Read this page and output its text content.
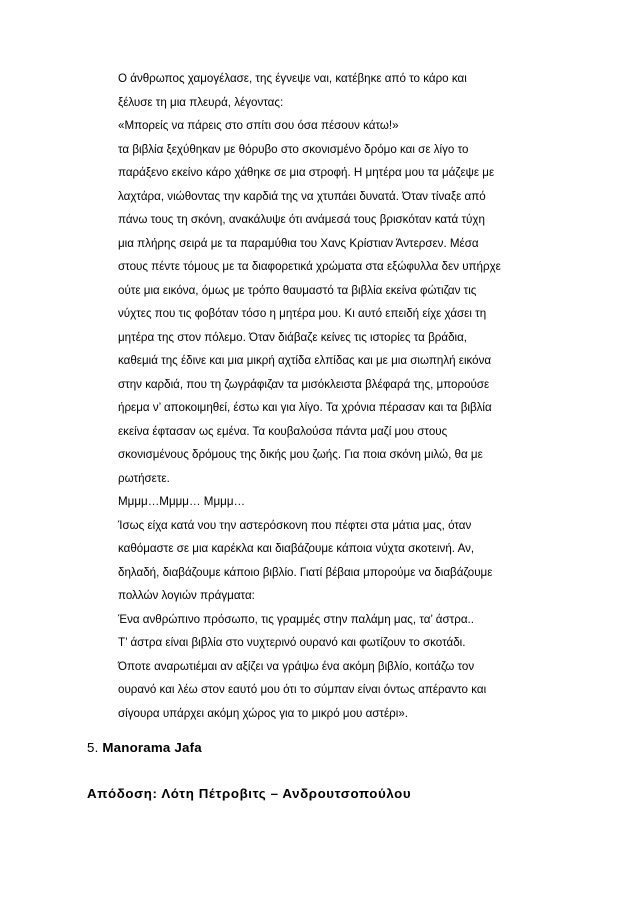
Ο άνθρωπος χαμογέλασε, της έγνεψε ναι, κατέβηκε από το κάρο και
ξέλυσε τη μια πλευρά, λέγοντας:
«Μπορείς να πάρεις στο σπίτι σου όσα πέσουν κάτω!»
τα βιβλία ξεχύθηκαν με θόρυβο στο σκονισμένο δρόμο και σε λίγο το
παράξενο εκείνο κάρο χάθηκε σε μια στροφή. Η μητέρα μου τα μάζεψε με
λαχτάρα, νιώθοντας την καρδιά της να χτυπάει δυνατά. Όταν τίναξε από
πάνω τους τη σκόνη, ανακάλυψε ότι ανάμεσά τους βρισκόταν κατά τύχη
μια πλήρης σειρά με τα παραμύθια του Χανς Κρίστιαν Άντερσεν. Μέσα
στους πέντε τόμους με τα διαφορετικά χρώματα στα εξώφυλλα δεν υπήρχε
ούτε μια εικόνα, όμως με τρόπο θαυμαστό τα βιβλία εκείνα φώτιζαν τις
νύχτες που τις φοβόταν τόσο η μητέρα μου. Κι αυτό επειδή είχε χάσει τη
μητέρα της στον πόλεμο. Όταν διάβαζε κείνες τις ιστορίες τα βράδια,
καθεμιά της έδινε και μια μικρή αχτίδα ελπίδας και με μια σιωπηλή εικόνα
στην καρδιά, που τη ζωγράφιζαν τα μισόκλειστα βλέφαρά της, μπορούσε
ήρεμα ν’ αποκοιμηθεί, έστω και για λίγο. Τα χρόνια πέρασαν και τα βιβλία
εκείνα έφτασαν ως εμένα. Τα κουβαλούσα πάντα μαζί μου στους
σκονισμένους δρόμους της δικής μου ζωής. Για ποια σκόνη μιλώ, θα με
ρωτήσετε.
Μμμμ…Μμμμ… Μμμμ…
Ίσως είχα κατά νου την αστερόσκονη που πέφτει στα μάτια μας, όταν
καθόμαστε σε μια καρέκλα και διαβάζουμε κάποια νύχτα σκοτεινή. Αν,
δηλαδή, διαβάζουμε κάποιο βιβλίο. Γιατί βέβαια μπορούμε να διαβάζουμε
πολλών λογιών πράγματα:
Ένα ανθρώπινο πρόσωπο, τις γραμμές στην παλάμη μας, τα’ άστρα..
Τ’ άστρα είναι βιβλία στο νυχτερινό ουρανό και φωτίζουν το σκοτάδι.
Όποτε αναρωτιέμαι αν αξίζει να γράψω ένα ακόμη βιβλίο, κοιτάζω τον
ουρανό και λέω στον εαυτό μου ότι το σύμπαν είναι όντως απέραντο και
σίγουρα υπάρχει ακόμη χώρος για το μικρό μου αστέρι».
5. Manorama Jafa
Απόδοση: Λότη Πέτροβιτς – Ανδρουτσοπούλου
